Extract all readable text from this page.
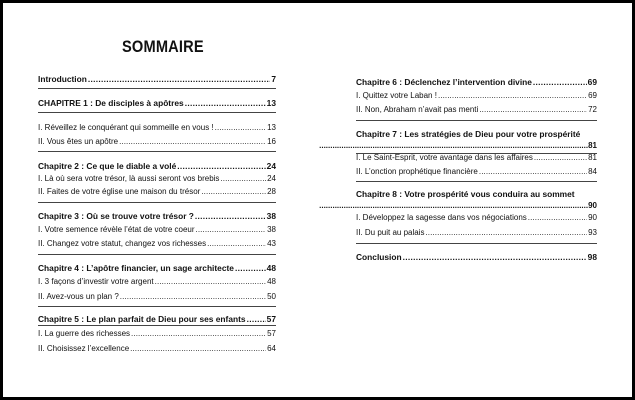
SOMMAIRE
Introduction .....	7
CHAPITRE 1 : De disciples à apôtres .....	13
I. Réveillez le conquérant qui sommeille en vous ! .....	13
II. Vous êtes un apôtre .....	16
Chapitre 2 : Ce que le diable a volé .....	24
I. Là où sera votre trésor, là aussi seront vos brebis .....	24
II. Faites de votre église une maison du trésor .....	28
Chapitre 3 : Où se trouve votre trésor ? .....	38
I. Votre semence révèle l’état de votre coeur .....	38
II. Changez votre statut, changez vos richesses .....	43
Chapitre 4 : L’apôtre financier, un sage architecte .....	48
I. 3 façons d’investir votre argent .....	48
II. Avez-vous un plan ? .....	50
Chapitre 5 : Le plan parfait de Dieu pour ses enfants .....	57
I. La guerre des richesses .....	57
II. Choisissez l’excellence .....	64
Chapitre 6 : Déclenchez l’intervention divine .....	69
I. Quittez votre Laban ! .....	69
II. Non, Abraham n’avait pas menti .....	72
Chapitre 7 : Les stratégies de Dieu pour votre prospérité
......................................................................................................................... 81
I. Le Saint-Esprit, votre avantage dans les affaires .....	81
II. L’onction prophétique financière .....	84
Chapitre 8 : Votre prospérité vous conduira au sommet
......................................................................................................................... 90
I. Développez la sagesse dans vos négociations .....	90
II. Du puit au palais .....	93
Conclusion .....	98
